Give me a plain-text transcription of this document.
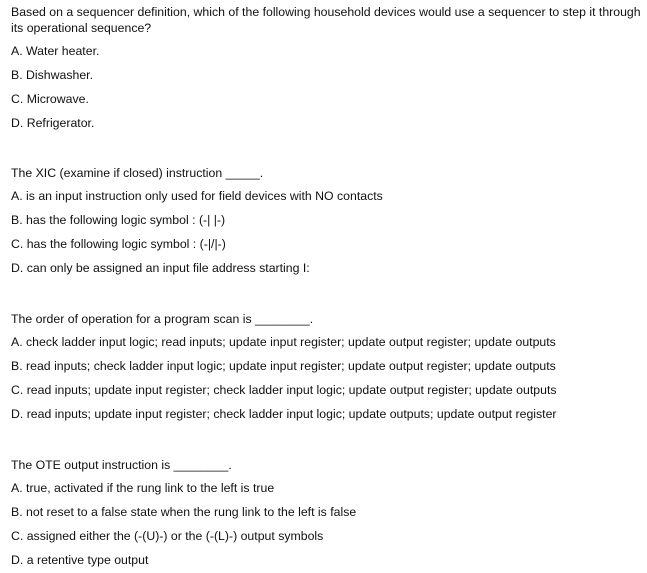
Based on a sequencer definition, which of the following household devices would use a sequencer to step it through its operational sequence?

A. Water heater.
B. Dishwasher.
C. Microwave.
D. Refrigerator.

The XIC (examine if closed) instruction _____.

A. is an input instruction only used for field devices with NO contacts
B. has the following logic symbol : (-| |-)
C. has the following logic symbol : (-|/|-)
D. can only be assigned an input file address starting I:

The order of operation for a program scan is ________.

A. check ladder input logic; read inputs; update input register; update output register; update outputs
B. read inputs; check ladder input logic; update input register; update output register; update outputs
C. read inputs; update input register; check ladder input logic; update output register; update outputs
D. read inputs; update input register; check ladder input logic; update outputs; update output register

The OTE output instruction is ________.

A. true, activated if the rung link to the left is true
B. not reset to a false state when the rung link to the left is false
C. assigned either the (-(U)-) or the (-(L)-) output symbols
D. a retentive type output
